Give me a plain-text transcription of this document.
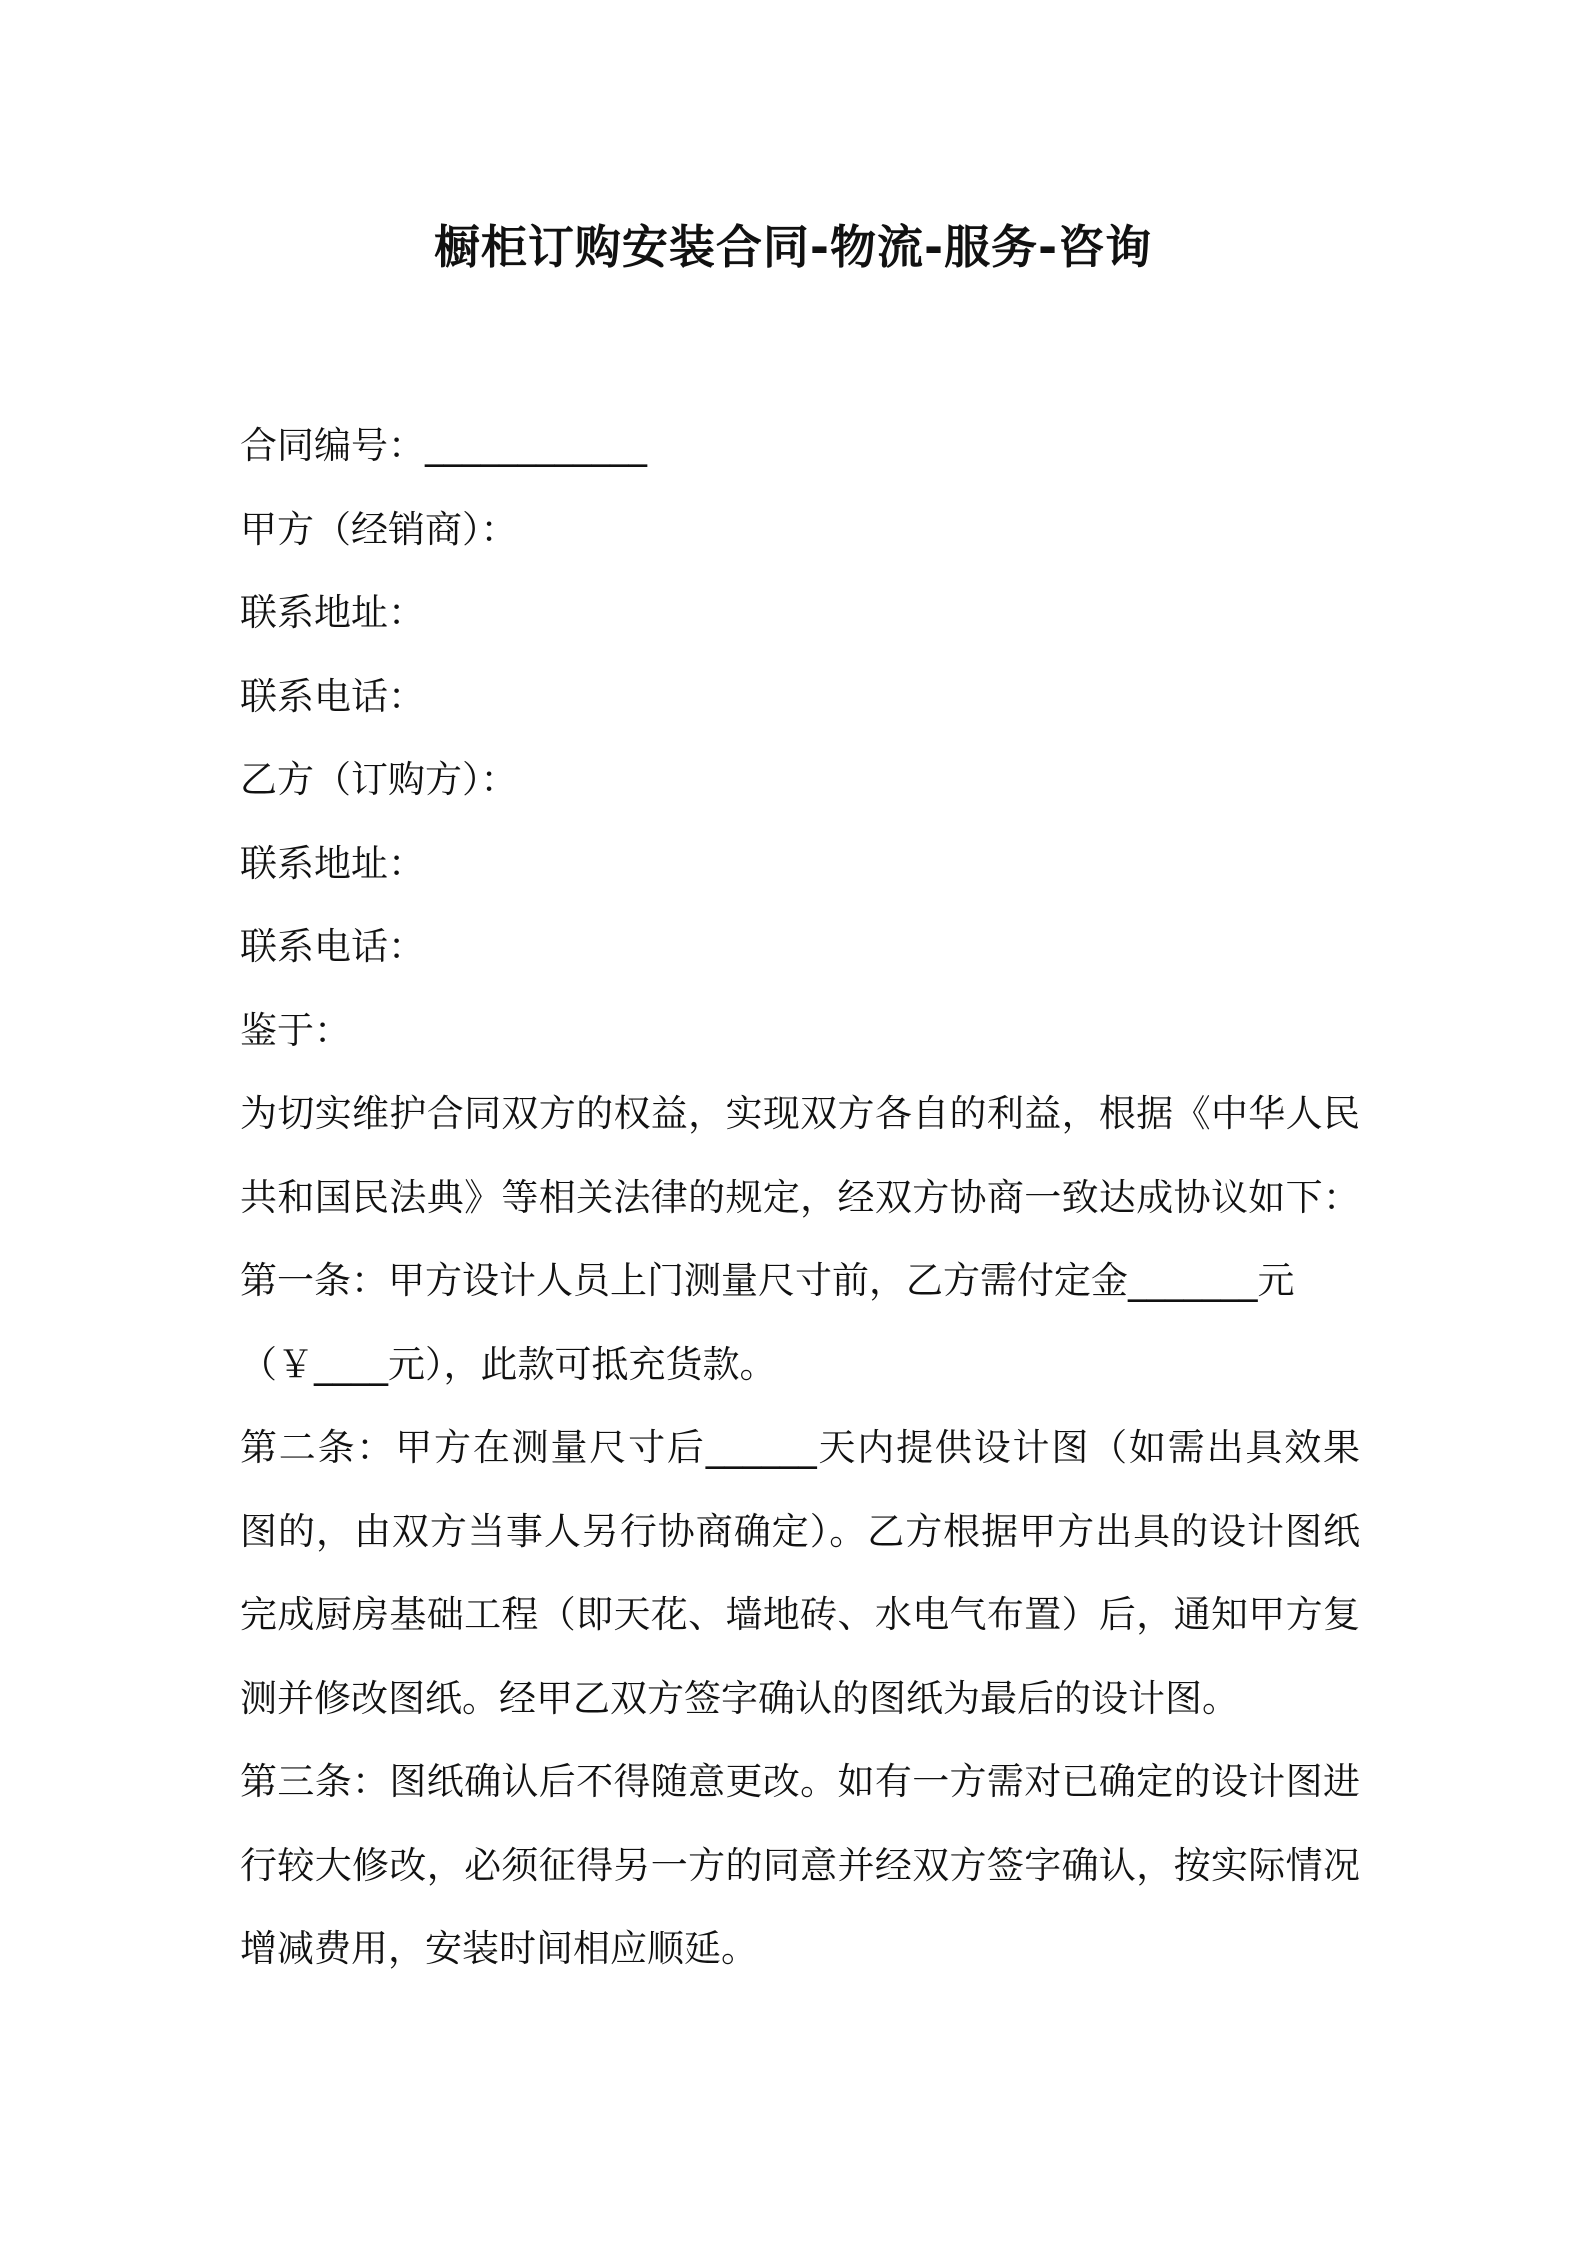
橱柜订购安装合同-物流-服务-咨询
合同编号：____________
甲方（经销商）：
联系地址：
联系电话：
乙方（订购方）：
联系地址：
联系电话：
鉴于：
为切实维护合同双方的权益，实现双方各自的利益，根据《中华人民
共和国民法典》等相关法律的规定，经双方协商一致达成协议如下：
第一条：甲方设计人员上门测量尺寸前，乙方需付定金_______元
（￥____元），此款可抵充货款。
第二条：甲方在测量尺寸后______天内提供设计图（如需出具效果
图的，由双方当事人另行协商确定）。乙方根据甲方出具的设计图纸
完成厨房基础工程（即天花、墙地砖、水电气布置）后，通知甲方复
测并修改图纸。经甲乙双方签字确认的图纸为最后的设计图。
第三条：图纸确认后不得随意更改。如有一方需对已确定的设计图进
行较大修改，必须征得另一方的同意并经双方签字确认，按实际情况
增减费用，安装时间相应顺延。
